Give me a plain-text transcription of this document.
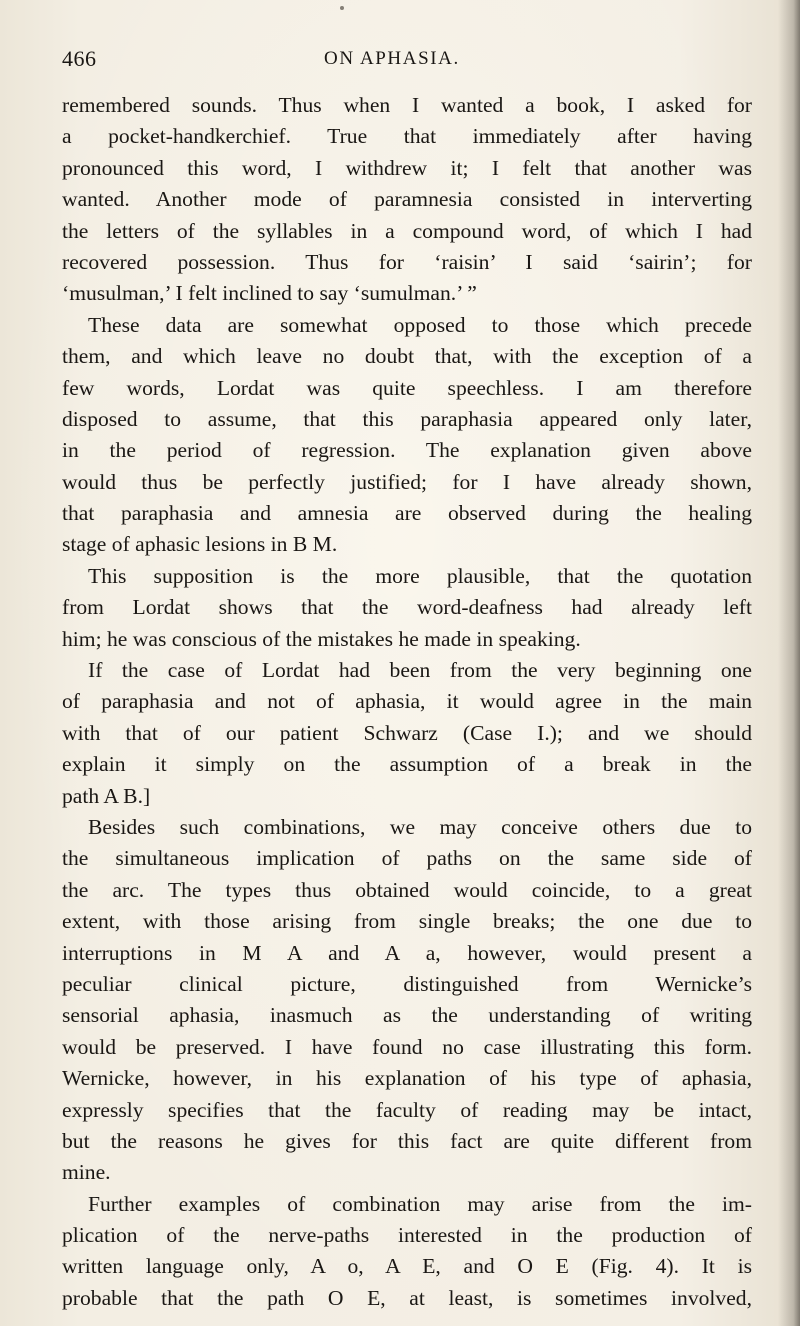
466	ON APHASIA.
remembered sounds. Thus when I wanted a book, I asked for
a pocket-handkerchief. True that immediately after having
pronounced this word, I withdrew it; I felt that another was
wanted. Another mode of paramnesia consisted in interverting
the letters of the syllables in a compound word, of which I had
recovered possession. Thus for ‘raisin’ I said ‘sairin’; for
‘musulman,’ I felt inclined to say ‘sumulman.’ ”
These data are somewhat opposed to those which precede
them, and which leave no doubt that, with the exception of a
few words, Lordat was quite speechless. I am therefore
disposed to assume, that this paraphasia appeared only later,
in the period of regression. The explanation given above
would thus be perfectly justified; for I have already shown,
that paraphasia and amnesia are observed during the healing
stage of aphasic lesions in B M.
This supposition is the more plausible, that the quotation
from Lordat shows that the word-deafness had already left
him; he was conscious of the mistakes he made in speaking.
If the case of Lordat had been from the very beginning one
of paraphasia and not of aphasia, it would agree in the main
with that of our patient Schwarz (Case I.); and we should
explain it simply on the assumption of a break in the
path A B.]
Besides such combinations, we may conceive others due to
the simultaneous implication of paths on the same side of
the arc. The types thus obtained would coincide, to a great
extent, with those arising from single breaks; the one due to
interruptions in M A and A a, however, would present a
peculiar clinical picture, distinguished from Wernicke’s
sensorial aphasia, inasmuch as the understanding of writing
would be preserved. I have found no case illustrating this form.
Wernicke, however, in his explanation of his type of aphasia,
expressly specifies that the faculty of reading may be intact,
but the reasons he gives for this fact are quite different from
mine.
Further examples of combination may arise from the im-
plication of the nerve-paths interested in the production of
written language only, A o, A E, and O E (Fig. 4). It is
probable that the path O E, at least, is sometimes involved,
